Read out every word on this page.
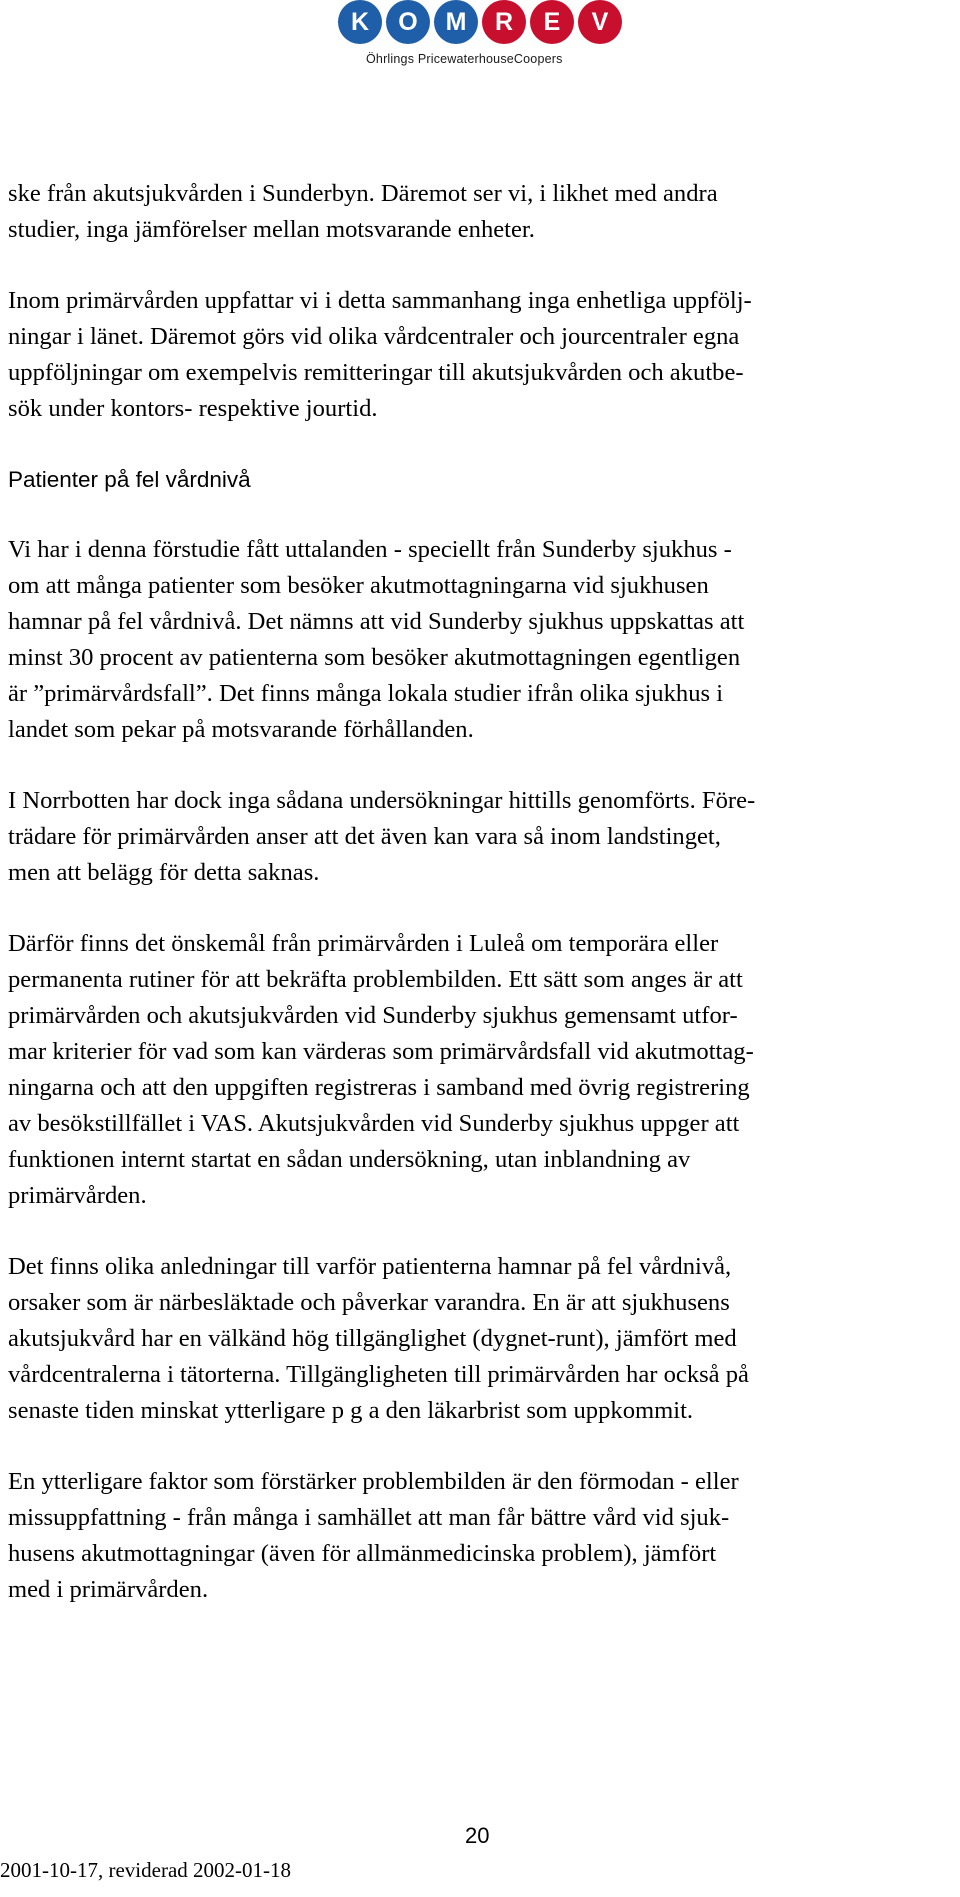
K	O	M	R	E	V
Öhrlings PricewaterhouseCoopers

ske från akutsjukvården i Sunderbyn. Däremot ser vi, i likhet med andra
studier, inga jämförelser mellan motsvarande enheter.

Inom primärvården uppfattar vi i detta sammanhang inga enhetliga uppfölj-
ningar i länet. Däremot görs vid olika vårdcentraler och jourcentraler egna
uppföljningar om exempelvis remitteringar till akutsjukvården och akutbe-
sök under kontors- respektive jourtid.

Patienter på fel vårdnivå

Vi har i denna förstudie fått uttalanden - speciellt från Sunderby sjukhus -
om att många patienter som besöker akutmottagningarna vid sjukhusen
hamnar på fel vårdnivå. Det nämns att vid Sunderby sjukhus uppskattas att
minst 30 procent av patienterna som besöker akutmottagningen egentligen
är ”primärvårdsfall”. Det finns många lokala studier ifrån olika sjukhus i
landet som pekar på motsvarande förhållanden.

I Norrbotten har dock inga sådana undersökningar hittills genomförts. Före-
trädare för primärvården anser att det även kan vara så inom landstinget,
men att belägg för detta saknas.

Därför finns det önskemål från primärvården i Luleå om temporära eller
permanenta rutiner för att bekräfta problembilden. Ett sätt som anges är att
primärvården och akutsjukvården vid Sunderby sjukhus gemensamt utfor-
mar kriterier för vad som kan värderas som primärvårdsfall vid akutmottag-
ningarna och att den uppgiften registreras i samband med övrig registrering
av besökstillfället i VAS. Akutsjukvården vid Sunderby sjukhus uppger att
funktionen internt startat en sådan undersökning, utan inblandning av
primärvården.

Det finns olika anledningar till varför patienterna hamnar på fel vårdnivå,
orsaker som är närbesläktade och påverkar varandra. En är att sjukhusens
akutsjukvård har en välkänd hög tillgänglighet (dygnet-runt), jämfört med
vårdcentralerna i tätorterna. Tillgängligheten till primärvården har också på
senaste tiden minskat ytterligare p g a den läkarbrist som uppkommit.

En ytterligare faktor som förstärker problembilden är den förmodan - eller
missuppfattning - från många i samhället att man får bättre vård vid sjuk-
husens akutmottagningar (även för allmänmedicinska problem), jämfört
med i primärvården.

20
2001-10-17, reviderad 2002-01-18
